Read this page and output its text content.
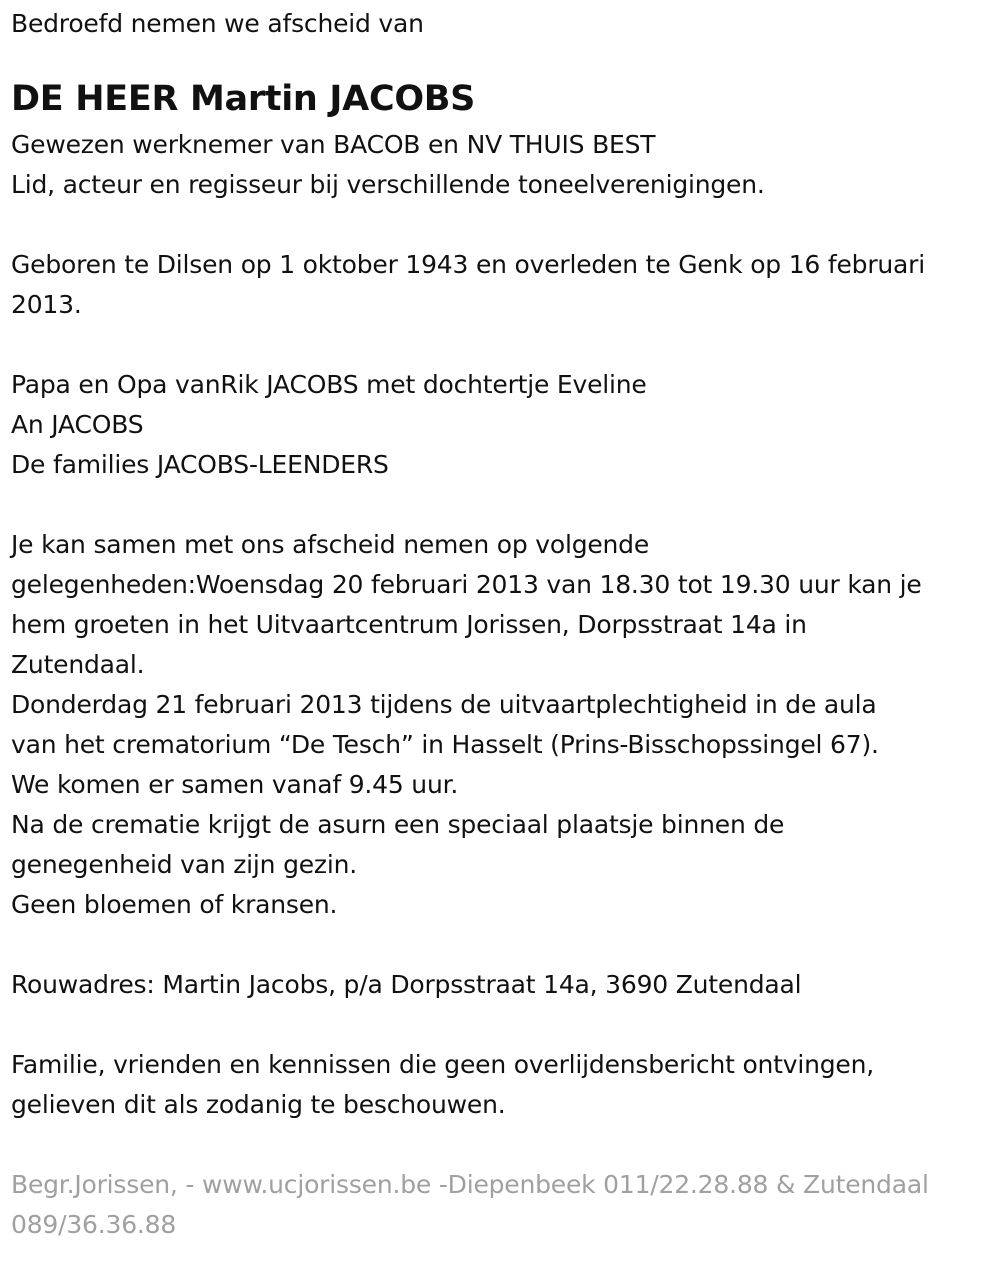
Bedroefd nemen we afscheid van
DE HEER Martin JACOBS
Gewezen werknemer van BACOB en NV THUIS BEST
Lid, acteur en regisseur bij verschillende toneelverenigingen.
Geboren te Dilsen op 1 oktober 1943 en overleden te Genk op 16 februari
2013.
Papa en Opa vanRik JACOBS met dochtertje Eveline
An JACOBS
De families JACOBS-LEENDERS
Je kan samen met ons afscheid nemen op volgende
gelegenheden:Woensdag 20 februari 2013 van 18.30 tot 19.30 uur kan je
hem groeten in het Uitvaartcentrum Jorissen, Dorpsstraat 14a in
Zutendaal.
Donderdag 21 februari 2013 tijdens de uitvaartplechtigheid in de aula
van het crematorium “De Tesch” in Hasselt (Prins-Bisschopssingel 67).
We komen er samen vanaf 9.45 uur.
Na de crematie krijgt de asurn een speciaal plaatsje binnen de
genegenheid van zijn gezin.
Geen bloemen of kransen.
Rouwadres: Martin Jacobs, p/a Dorpsstraat 14a, 3690 Zutendaal
Familie, vrienden en kennissen die geen overlijdensbericht ontvingen,
gelieven dit als zodanig te beschouwen.
Begr.Jorissen, - www.ucjorissen.be -Diepenbeek 011/22.28.88 & Zutendaal
089/36.36.88
